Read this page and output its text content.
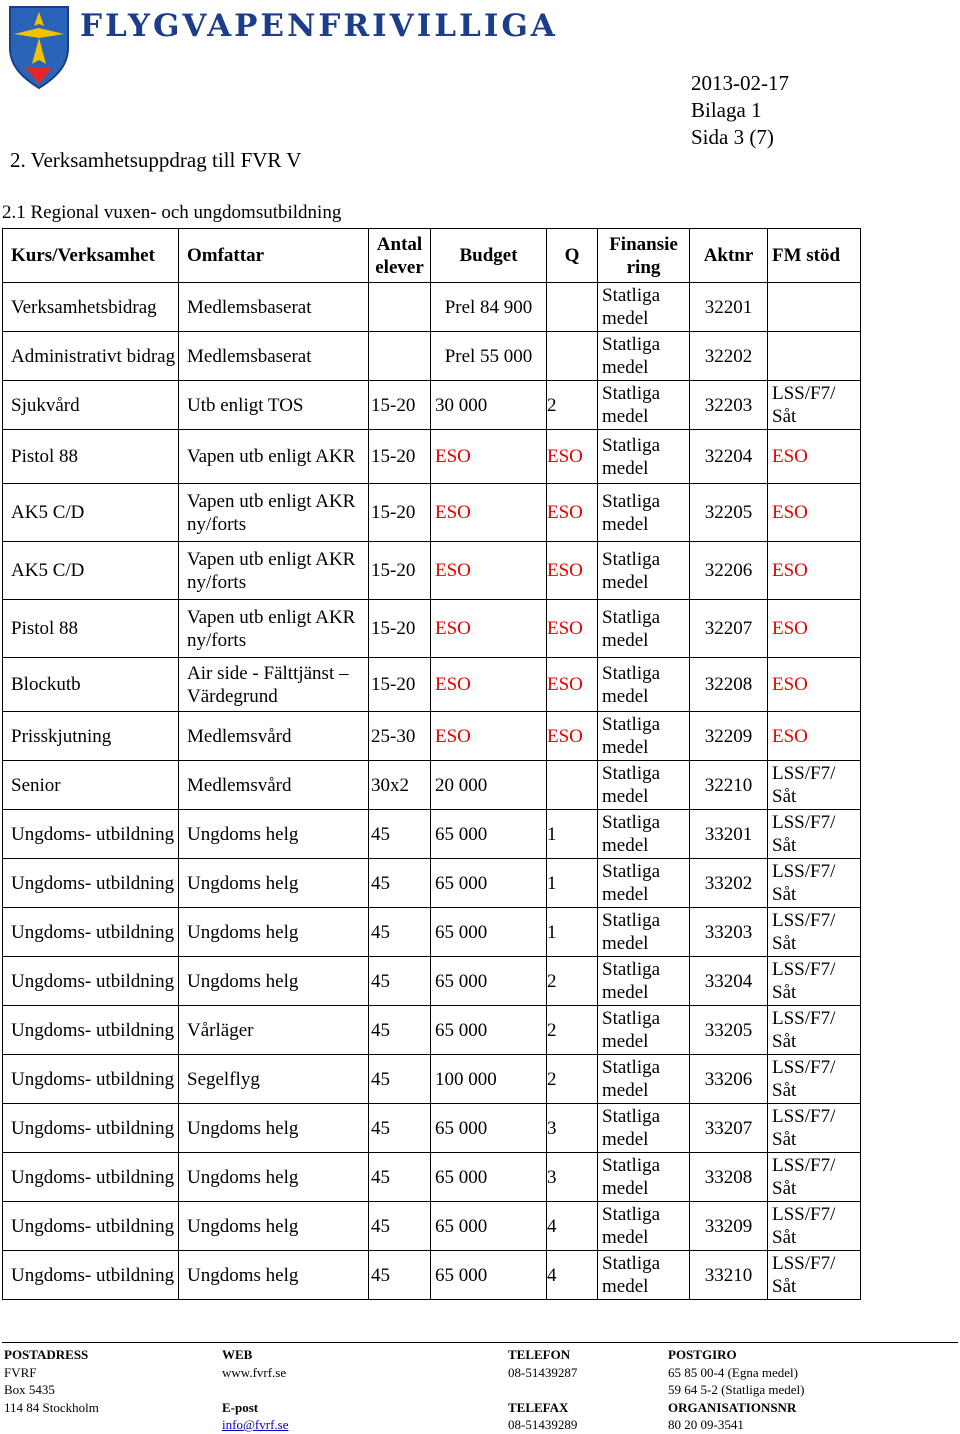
FLYGVAPENFRIVILLIGA
2013-02-17
Bilaga 1
Sida 3 (7)
2. Verksamhetsuppdrag till FVR V
2.1 Regional vuxen- och ungdomsutbildning
Kurs/Verksamhet	Omfattar	Antal elever	Budget	Q	Finansie ring	Aktnr	FM stöd
Verksamhetsbidrag	Medlemsbaserat		Prel 84 900		Statliga medel	32201	
Administrativt bidrag	Medlemsbaserat		Prel 55 000		Statliga medel	32202	
Sjukvård	Utb enligt TOS	15-20	30 000	2	Statliga medel	32203	LSS/F7/ Såt
Pistol 88	Vapen utb enligt AKR	15-20	ESO	ESO	Statliga medel	32204	ESO
AK5 C/D	Vapen utb enligt AKR ny/forts	15-20	ESO	ESO	Statliga medel	32205	ESO
AK5 C/D	Vapen utb enligt AKR ny/forts	15-20	ESO	ESO	Statliga medel	32206	ESO
Pistol 88	Vapen utb enligt AKR ny/forts	15-20	ESO	ESO	Statliga medel	32207	ESO
Blockutb	Air side - Fälttjänst – Värdegrund	15-20	ESO	ESO	Statliga medel	32208	ESO
Prisskjutning	Medlemsvård	25-30	ESO	ESO	Statliga medel	32209	ESO
Senior	Medlemsvård	30x2	20 000		Statliga medel	32210	LSS/F7/ Såt
Ungdoms- utbildning	Ungdoms helg	45	65 000	1	Statliga medel	33201	LSS/F7/ Såt
Ungdoms- utbildning	Ungdoms helg	45	65 000	1	Statliga medel	33202	LSS/F7/ Såt
Ungdoms- utbildning	Ungdoms helg	45	65 000	1	Statliga medel	33203	LSS/F7/ Såt
Ungdoms- utbildning	Ungdoms helg	45	65 000	2	Statliga medel	33204	LSS/F7/ Såt
Ungdoms- utbildning	Vårläger	45	65 000	2	Statliga medel	33205	LSS/F7/ Såt
Ungdoms- utbildning	Segelflyg	45	100 000	2	Statliga medel	33206	LSS/F7/ Såt
Ungdoms- utbildning	Ungdoms helg	45	65 000	3	Statliga medel	33207	LSS/F7/ Såt
Ungdoms- utbildning	Ungdoms helg	45	65 000	3	Statliga medel	33208	LSS/F7/ Såt
Ungdoms- utbildning	Ungdoms helg	45	65 000	4	Statliga medel	33209	LSS/F7/ Såt
Ungdoms- utbildning	Ungdoms helg	45	65 000	4	Statliga medel	33210	LSS/F7/ Såt
POSTADRESS
FVRF
Box 5435
114 84 Stockholm
WEB
www.fvrf.se

E-post
info@fvrf.se
TELEFON
08-51439287

TELEFAX
08-51439289
POSTGIRO
65 85 00-4 (Egna medel)
59 64 5-2 (Statliga medel)
ORGANISATIONSNR
80 20 09-3541
